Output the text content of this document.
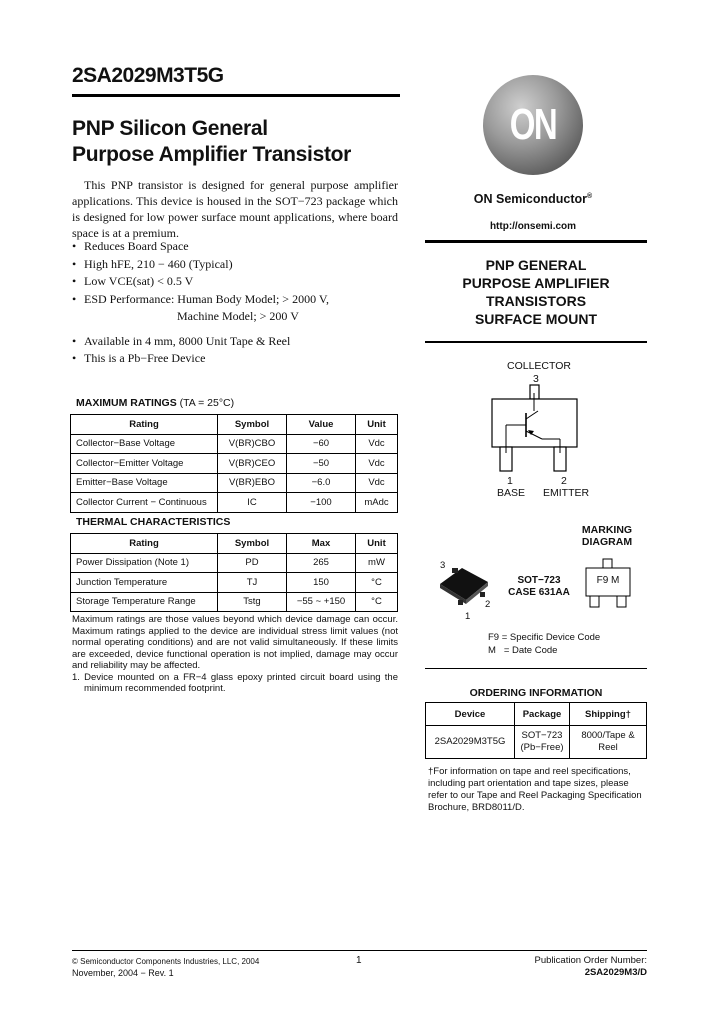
2SA2029M3T5G
PNP Silicon General
Purpose Amplifier Transistor
This PNP transistor is designed for general purpose amplifier applications. This device is housed in the SOT−723 package which is designed for low power surface mount applications, where board space is at a premium.
• Reduces Board Space
• High hFE, 210 − 460 (Typical)
• Low VCE(sat) < 0.5 V
• ESD Performance: Human Body Model; > 2000 V,
Machine Model; > 200 V
• Available in 4 mm, 8000 Unit Tape & Reel
• This is a Pb−Free Device
MAXIMUM RATINGS (TA = 25°C)
Rating	Symbol	Value	Unit
Collector−Base Voltage	V(BR)CBO	−60	Vdc
Collector−Emitter Voltage	V(BR)CEO	−50	Vdc
Emitter−Base Voltage	V(BR)EBO	−6.0	Vdc
Collector Current − Continuous	IC	−100	mAdc
THERMAL CHARACTERISTICS
Rating	Symbol	Max	Unit
Power Dissipation (Note 1)	PD	265	mW
Junction Temperature	TJ	150	°C
Storage Temperature Range	Tstg	−55 ~ +150	°C
Maximum ratings are those values beyond which device damage can occur. Maximum ratings applied to the device are individual stress limit values (not normal operating conditions) and are not valid simultaneously. If these limits are exceeded, device functional operation is not implied, damage may occur and reliability may be affected.
1. Device mounted on a FR−4 glass epoxy printed circuit board using the minimum recommended footprint.
ON
ON Semiconductor®
http://onsemi.com
PNP GENERAL
PURPOSE AMPLIFIER
TRANSISTORS
SURFACE MOUNT
COLLECTOR
3
1	2
BASE EMITTER
MARKING
DIAGRAM
3
1
2
SOT−723
CASE 631AA
F9 M
F9 = Specific Device Code
M   = Date Code
ORDERING INFORMATION
Device	Package	Shipping†
2SA2029M3T5G	SOT−723 (Pb−Free)	8000/Tape & Reel
†For information on tape and reel specifications, including part orientation and tape sizes, please refer to our Tape and Reel Packaging Specification Brochure, BRD8011/D.
© Semiconductor Components Industries, LLC, 2004
November, 2004 − Rev. 1
1	Publication Order Number:
2SA2029M3/D
